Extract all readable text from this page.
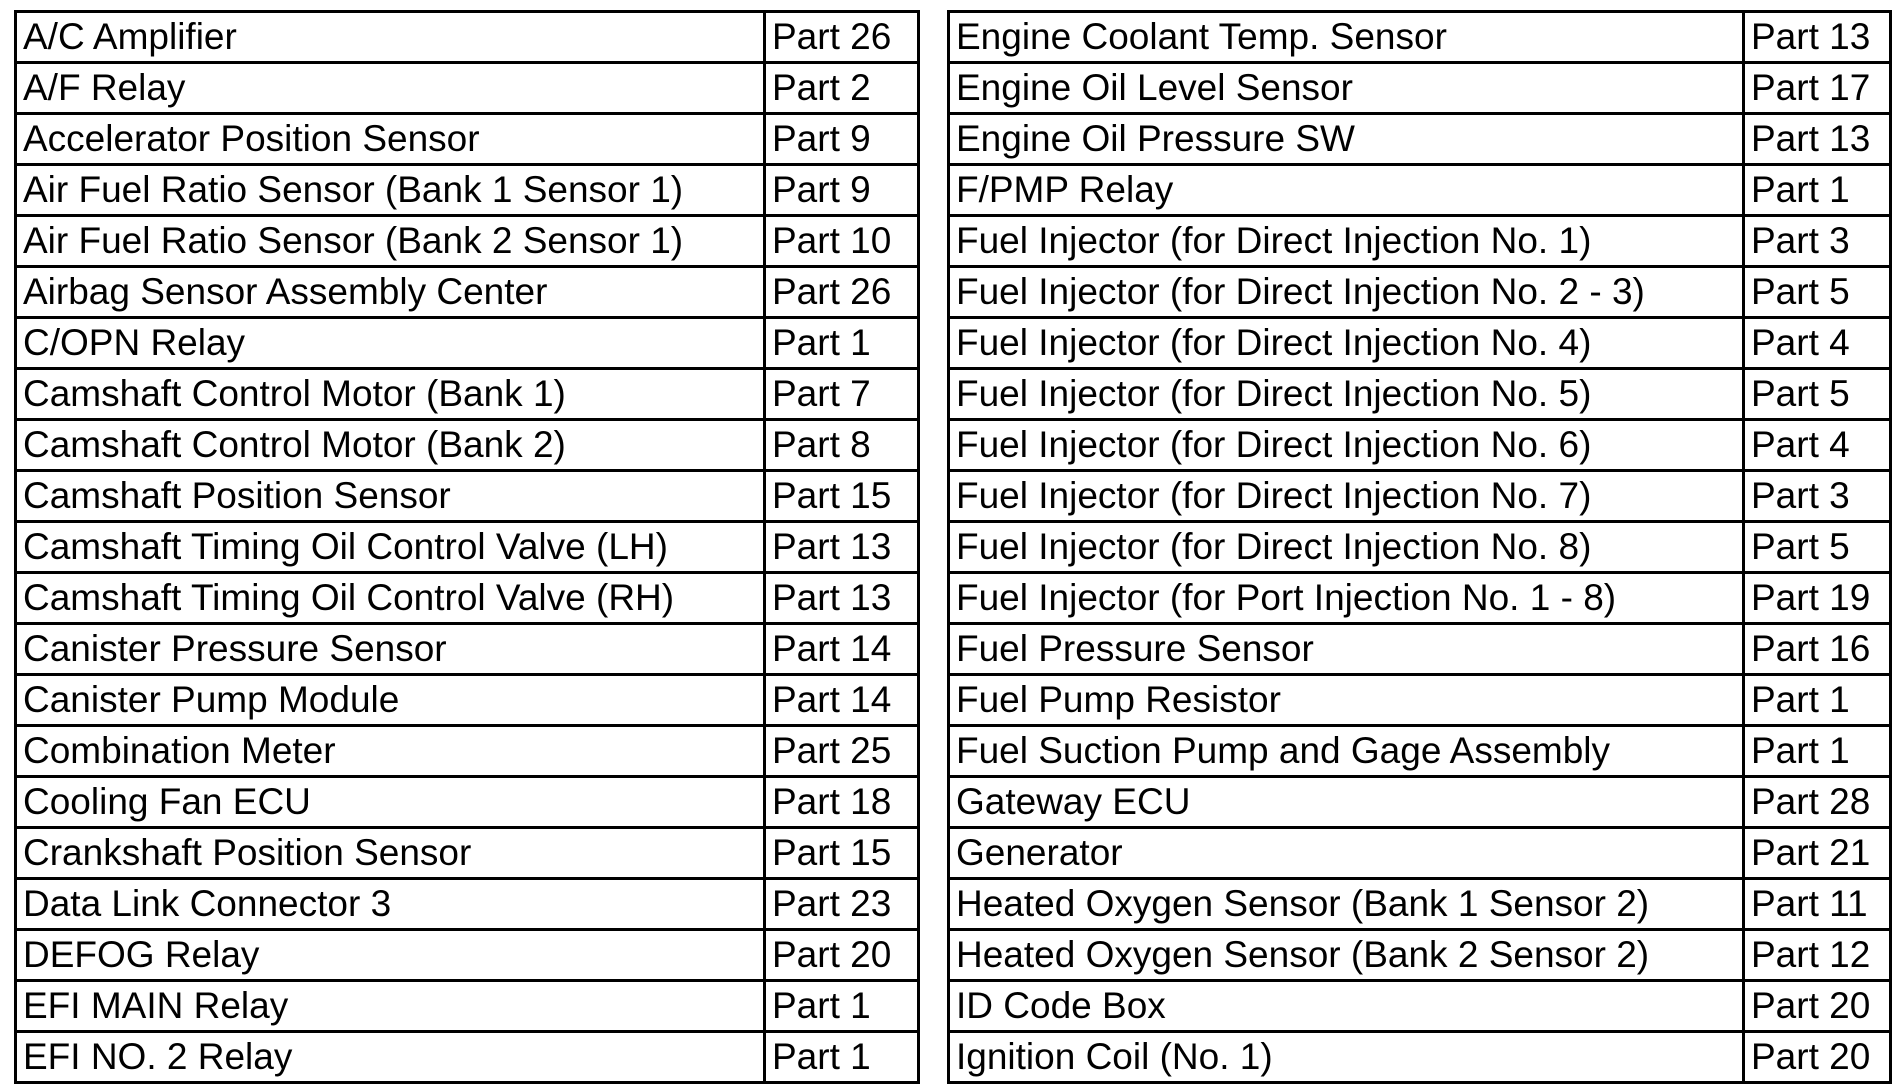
A/C Amplifier	Part 26
A/F Relay	Part 2
Accelerator Position Sensor	Part 9
Air Fuel Ratio Sensor (Bank 1 Sensor 1)	Part 9
Air Fuel Ratio Sensor (Bank 2 Sensor 1)	Part 10
Airbag Sensor Assembly Center	Part 26
C/OPN Relay	Part 1
Camshaft Control Motor (Bank 1)	Part 7
Camshaft Control Motor (Bank 2)	Part 8
Camshaft Position Sensor	Part 15
Camshaft Timing Oil Control Valve (LH)	Part 13
Camshaft Timing Oil Control Valve (RH)	Part 13
Canister Pressure Sensor	Part 14
Canister Pump Module	Part 14
Combination Meter	Part 25
Cooling Fan ECU	Part 18
Crankshaft Position Sensor	Part 15
Data Link Connector 3	Part 23
DEFOG Relay	Part 20
EFI MAIN Relay	Part 1
EFI NO. 2 Relay	Part 1
Engine Coolant Temp. Sensor	Part 13
Engine Oil Level Sensor	Part 17
Engine Oil Pressure SW	Part 13
F/PMP Relay	Part 1
Fuel Injector (for Direct Injection No. 1)	Part 3
Fuel Injector (for Direct Injection No. 2 - 3)	Part 5
Fuel Injector (for Direct Injection No. 4)	Part 4
Fuel Injector (for Direct Injection No. 5)	Part 5
Fuel Injector (for Direct Injection No. 6)	Part 4
Fuel Injector (for Direct Injection No. 7)	Part 3
Fuel Injector (for Direct Injection No. 8)	Part 5
Fuel Injector (for Port Injection No. 1 - 8)	Part 19
Fuel Pressure Sensor	Part 16
Fuel Pump Resistor	Part 1
Fuel Suction Pump and Gage Assembly	Part 1
Gateway ECU	Part 28
Generator	Part 21
Heated Oxygen Sensor (Bank 1 Sensor 2)	Part 11
Heated Oxygen Sensor (Bank 2 Sensor 2)	Part 12
ID Code Box	Part 20
Ignition Coil (No. 1)	Part 20
